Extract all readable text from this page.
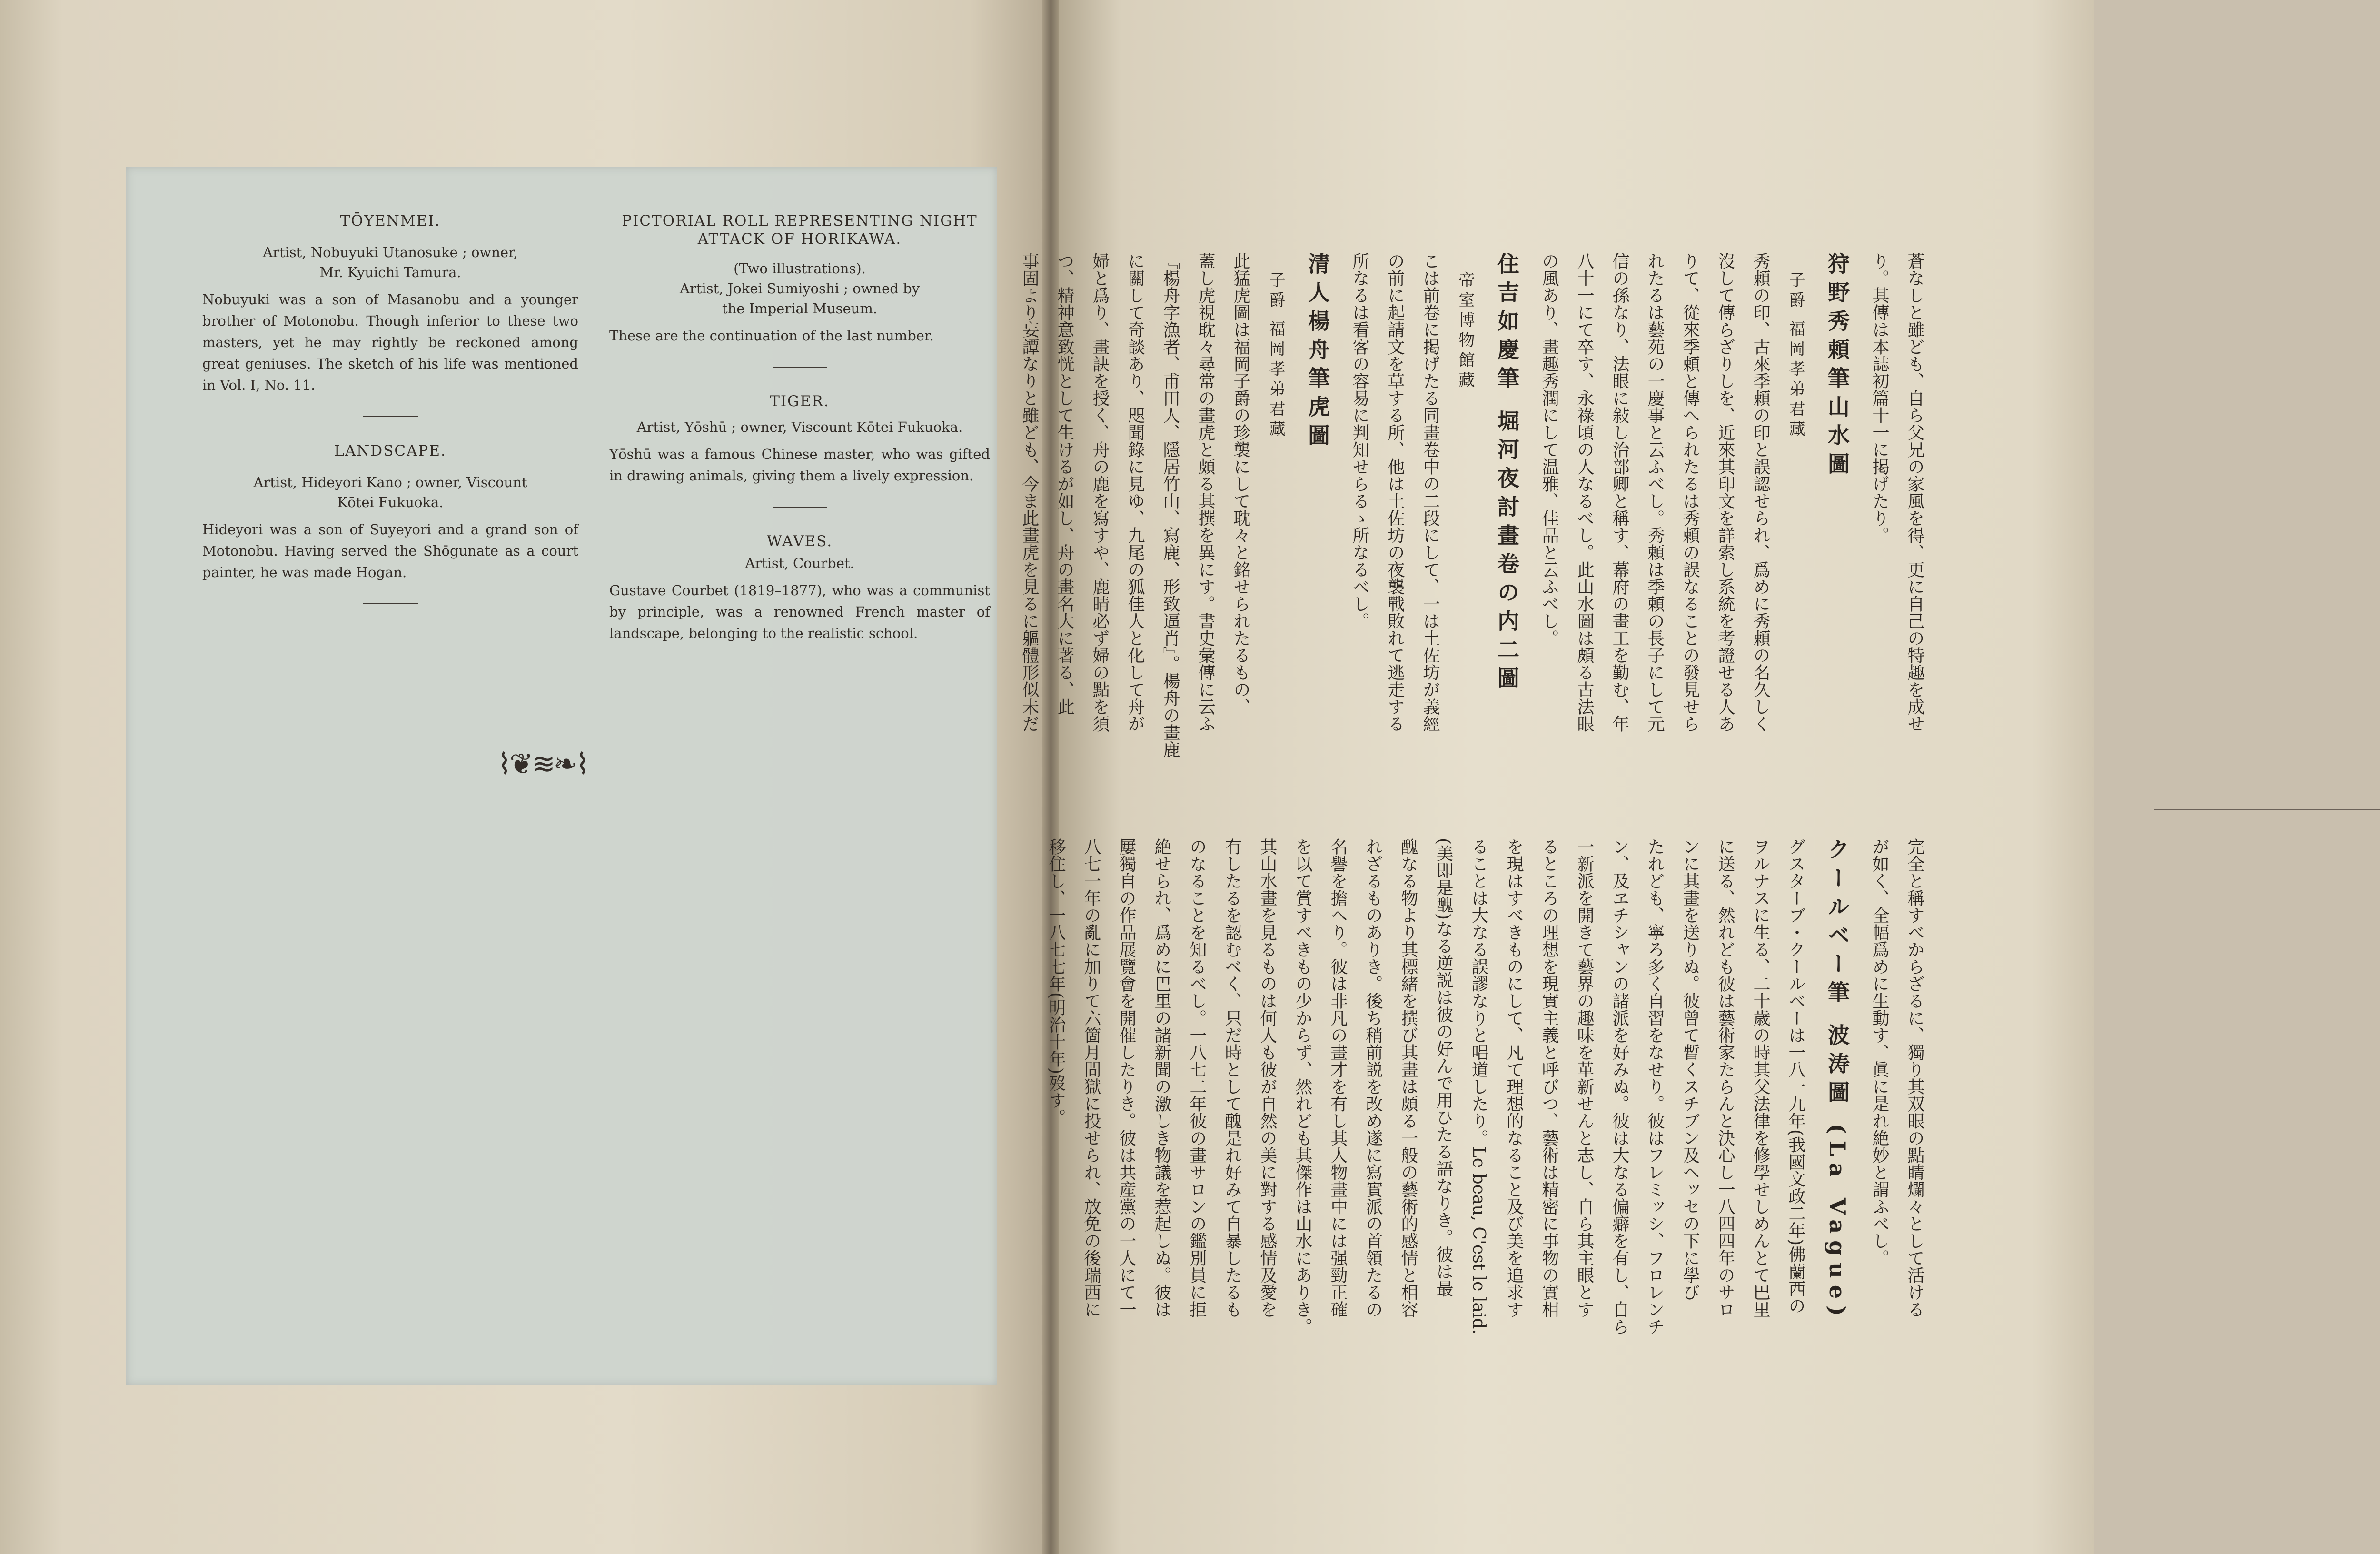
TŌYENMEI.

Artist, Nobuyuki Utanosuke ; owner,
Mr. Kyuichi Tamura.

Nobuyuki was a son of Masanobu and a younger brother of Motonobu. Though inferior to these two masters, yet he may rightly be reckoned among great geniuses. The sketch of his life was mentioned in Vol. I, No. 11.

LANDSCAPE.

Artist, Hideyori Kano ; owner, Viscount
Kōtei Fukuoka.

Hideyori was a son of Suyeyori and a grand son of Motonobu. Having served the Shōgunate as a court painter, he was made Hogan.

PICTORIAL ROLL REPRESENTING NIGHT
ATTACK OF HORIKAWA.

(Two illustrations).
Artist, Jokei Sumiyoshi ; owned by
the Imperial Museum.

These are the continuation of the last number.

TIGER.

Artist, Yōshū ; owner, Viscount Kōtei Fukuoka.

Yōshū was a famous Chinese master, who was gifted in drawing animals, giving them a lively expression.

WAVES.

Artist, Courbet.

Gustave Courbet (1819–1877), who was a communist by principle, was a renowned French master of landscape, belonging to the realistic school.

⌇❦≋❧⌇
蒼なしと雖ども、自ら父兄の家風を得、更に自己の特趣を成せ
り。其傳は本誌初篇十一に掲げたり。
狩野秀頼筆山水圖
子爵 福岡孝弟君藏
秀頼の印、古來季頼の印と誤認せられ、爲めに秀頼の名久しく
沒して傳らざりしを、近來其印文を詳索し系統を考證せる人あ
りて、從來季頼と傳へられたるは秀頼の誤なることの發見せら
れたるは藝苑の一慶事と云ふべし。秀頼は季頼の長子にして元
信の孫なり、法眼に敍し治部卿と稱す、幕府の畫工を勤む、年
八十一にて卒す、永祿頃の人なるべし。此山水圖は頗る古法眼
の風あり、畫趣秀潤にして温雅、佳品と云ふべし。
住吉如慶筆 堀河夜討畫卷の内二圖
帝室博物館藏
こは前卷に掲げたる同畫卷中の二段にして、一は土佐坊が義經
の前に起請文を草する所、他は土佐坊の夜襲戰敗れて逃走する
所なるは看客の容易に判知せらるゝ所なるべし。
清人楊舟筆虎圖
子爵 福岡孝弟君藏
此猛虎圖は福岡子爵の珍襲にして耽々と銘せられたるもの、
蓋し虎視耽々尋常の畫虎と頗る其撰を異にす。書史彙傳に云ふ
『楊舟字漁者、甫田人、隱居竹山、寫鹿、形致逼肖』。楊舟の畫鹿
に關して奇談あり、咫聞錄に見ゆ、九尾の狐佳人と化して舟が
婦と爲り、畫訣を授く、舟の鹿を寫すや、鹿睛必ず婦の點を須
つ、精神意致恍として生けるが如し、舟の畫名大に著る、此
事固より妄譚なりと雖ども、今ま此畫虎を見るに軀體形似未だ
完全と稱すべからざるに、獨り其双眼の點睛爛々として活ける
が如く、全幅爲めに生動す、眞に是れ絶妙と謂ふべし。
クールベー筆 波涛圖 (La Vague)
グスターブ・クールベーは一八一九年(我國文政二年)佛蘭西の
ヲルナスに生る、二十歳の時其父法律を修學せしめんとて巴里
に送る、然れども彼は藝術家たらんと決心し一八四四年のサロ
ンに其畫を送りぬ。彼曾て暫くスチブン及ヘッセの下に學び
たれども、寧ろ多く自習をなせり。彼はフレミッシ、フロレンチ
ン、及ヱチシャンの諸派を好みぬ。彼は大なる偏癖を有し、自ら
一新派を開きて藝界の趣味を革新せんと志し、自ら其主眼とす
るところの理想を現實主義と呼びつ、藝術は精密に事物の實相
を現はすべきものにして、凡て理想的なること及び美を追求す
ることは大なる誤謬なりと唱道したり。Le beau, C'est le laid.
(美即是醜)なる逆説は彼の好んで用ひたる語なりき。彼は最
醜なる物より其標緒を撰び其畫は頗る一般の藝術的感情と相容
れざるものありき。後ち稍前説を改め遂に寫實派の首領たるの
名譽を擔へり。彼は非凡の畫才を有し其人物畫中には强勁正確
を以て賞すべきもの少からず、然れども其傑作は山水にありき。
其山水畫を見るものは何人も彼が自然の美に對する感情及愛を
有したるを認むべく、只だ時として醜是れ好みて自暴したるも
のなることを知るべし。一八七二年彼の畫サロンの鑑別員に拒
絶せられ、爲めに巴里の諸新聞の激しき物議を惹起しぬ。彼は
屢獨自の作品展覽會を開催したりき。彼は共産黨の一人にて一
八七一年の亂に加りて六箇月間獄に投せられ、放免の後瑞西に
移住し、一八七七年(明治十年)歿す。
